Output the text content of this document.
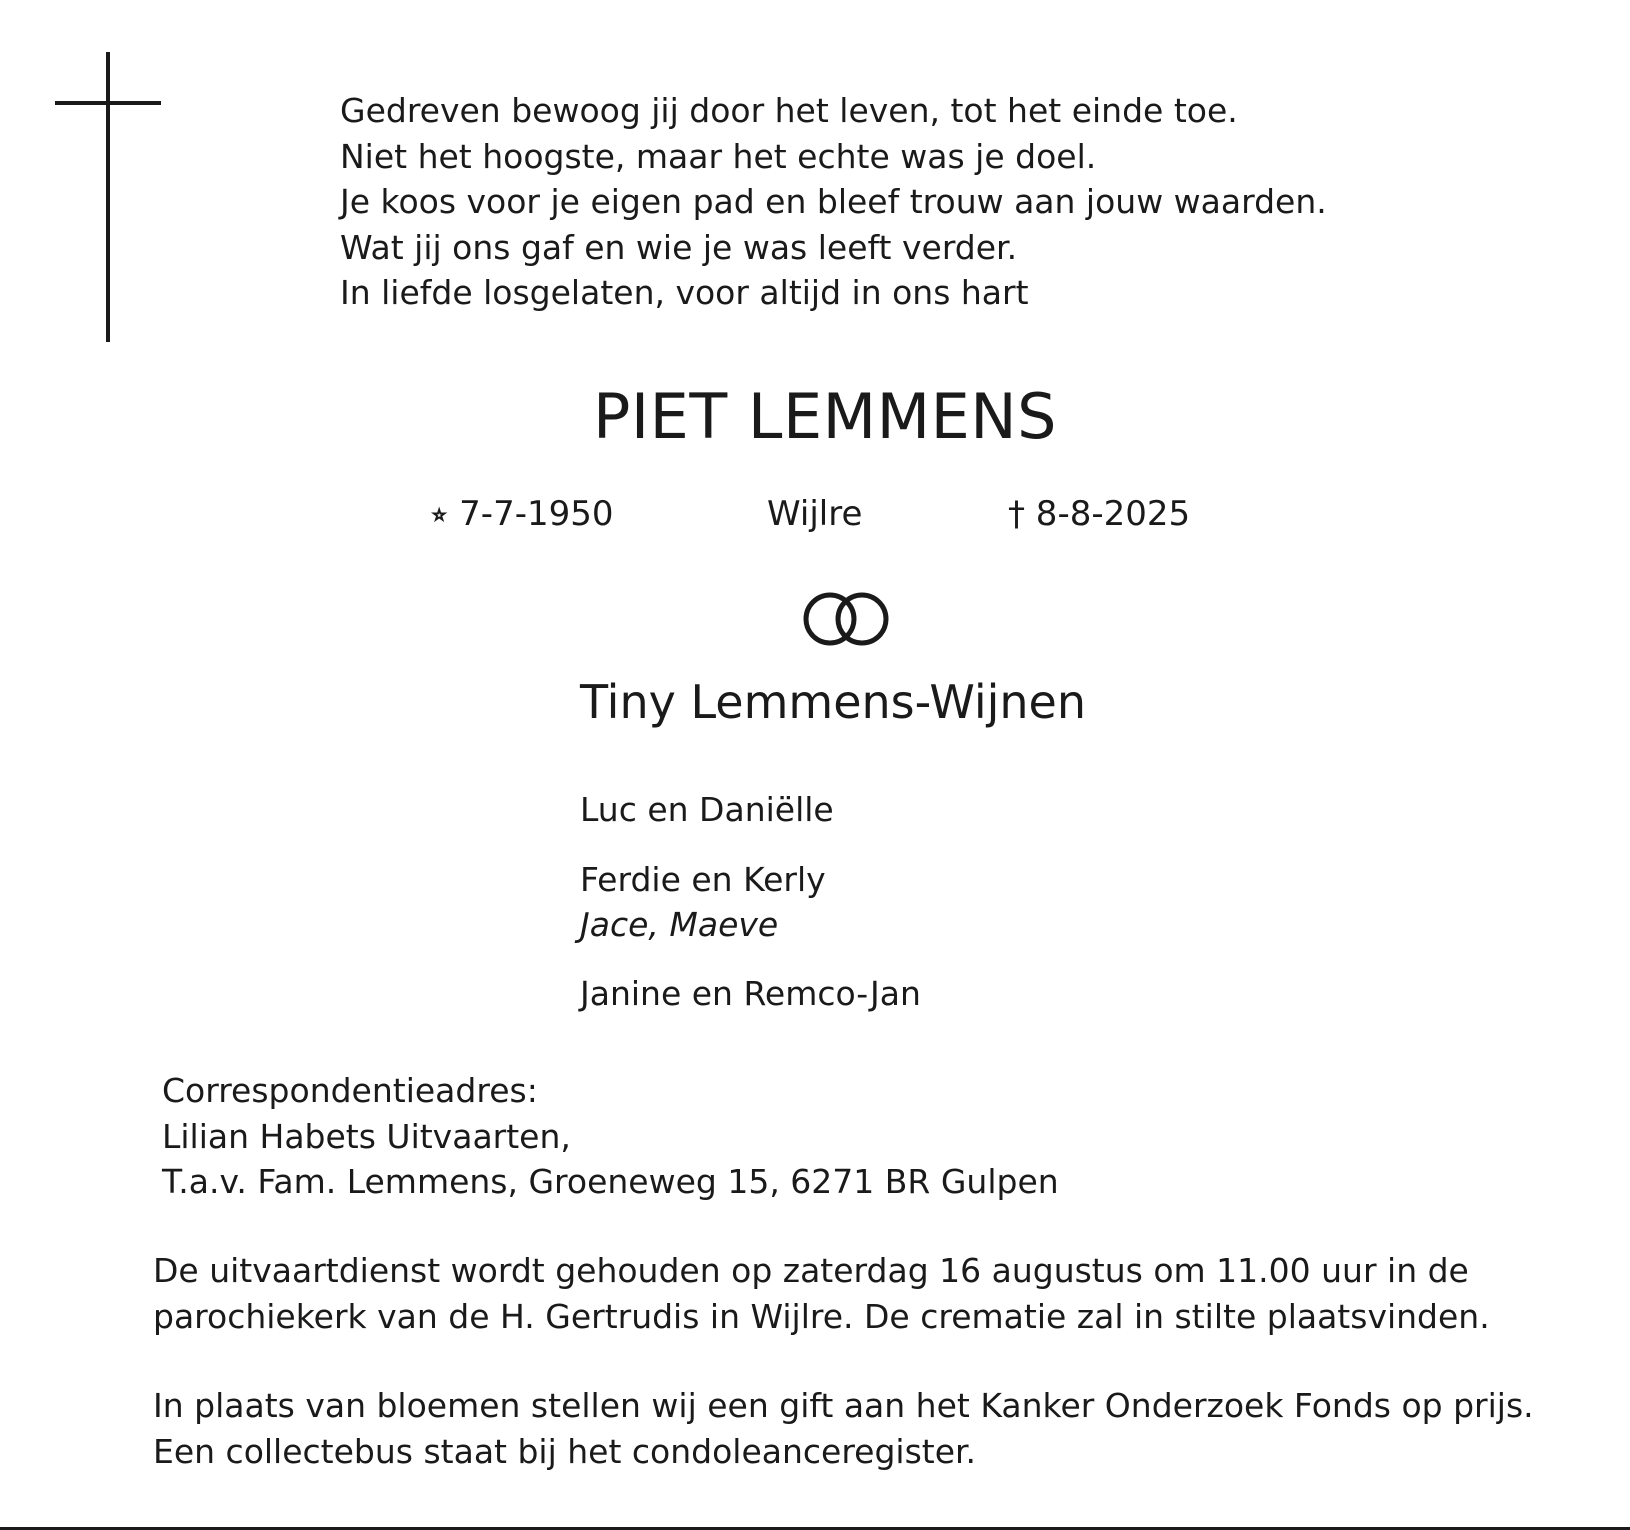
Gedreven bewoog jij door het leven, tot het einde toe.
Niet het hoogste, maar het echte was je doel.
Je koos voor je eigen pad en bleef trouw aan jouw waarden.
Wat jij ons gaf en wie je was leeft verder.
In liefde losgelaten, voor altijd in ons hart
PIET LEMMENS
⭒ 7-7-1950	Wijlre	† 8-8-2025
Tiny Lemmens-Wijnen
Luc en Daniëlle
Ferdie en Kerly
Jace, Maeve
Janine en Remco-Jan
Correspondentieadres:
Lilian Habets Uitvaarten,
T.a.v. Fam. Lemmens, Groeneweg 15, 6271 BR Gulpen
De uitvaartdienst wordt gehouden op zaterdag 16 augustus om 11.00 uur in de
parochiekerk van de H. Gertrudis in Wijlre. De crematie zal in stilte plaatsvinden.
In plaats van bloemen stellen wij een gift aan het Kanker Onderzoek Fonds op prijs.
Een collectebus staat bij het condoleanceregister.
